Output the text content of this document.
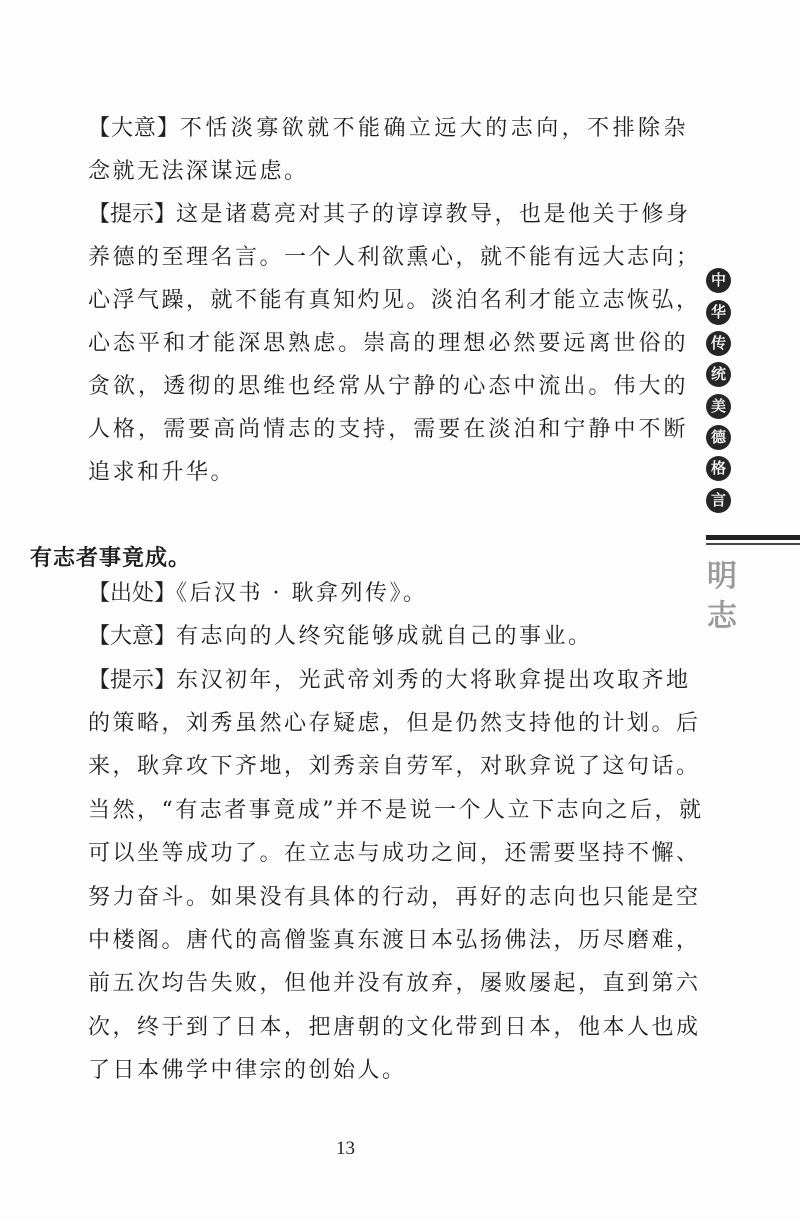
【大意】不恬淡寡欲就不能确立远大的志向，不排除杂
念就无法深谋远虑。
【提示】这是诸葛亮对其子的谆谆教导，也是他关于修身
养德的至理名言。一个人利欲熏心，就不能有远大志向；
心浮气躁，就不能有真知灼见。淡泊名利才能立志恢弘，
心态平和才能深思熟虑。崇高的理想必然要远离世俗的
贪欲，透彻的思维也经常从宁静的心态中流出。伟大的
人格，需要高尚情志的支持，需要在淡泊和宁静中不断
追求和升华。
有志者事竟成。
【出处】《后汉书 · 耿弇列传》。
【大意】有志向的人终究能够成就自己的事业。
【提示】东汉初年，光武帝刘秀的大将耿弇提出攻取齐地
的策略，刘秀虽然心存疑虑，但是仍然支持他的计划。后
来，耿弇攻下齐地，刘秀亲自劳军，对耿弇说了这句话。
当然，“有志者事竟成”并不是说一个人立下志向之后，就
可以坐等成功了。在立志与成功之间，还需要坚持不懈、
努力奋斗。如果没有具体的行动，再好的志向也只能是空
中楼阁。唐代的高僧鉴真东渡日本弘扬佛法，历尽磨难，
前五次均告失败，但他并没有放弃，屡败屡起，直到第六
次，终于到了日本，把唐朝的文化带到日本，他本人也成
了日本佛学中律宗的创始人。
中
华
传
统
美
德
格
言
明
志
13
